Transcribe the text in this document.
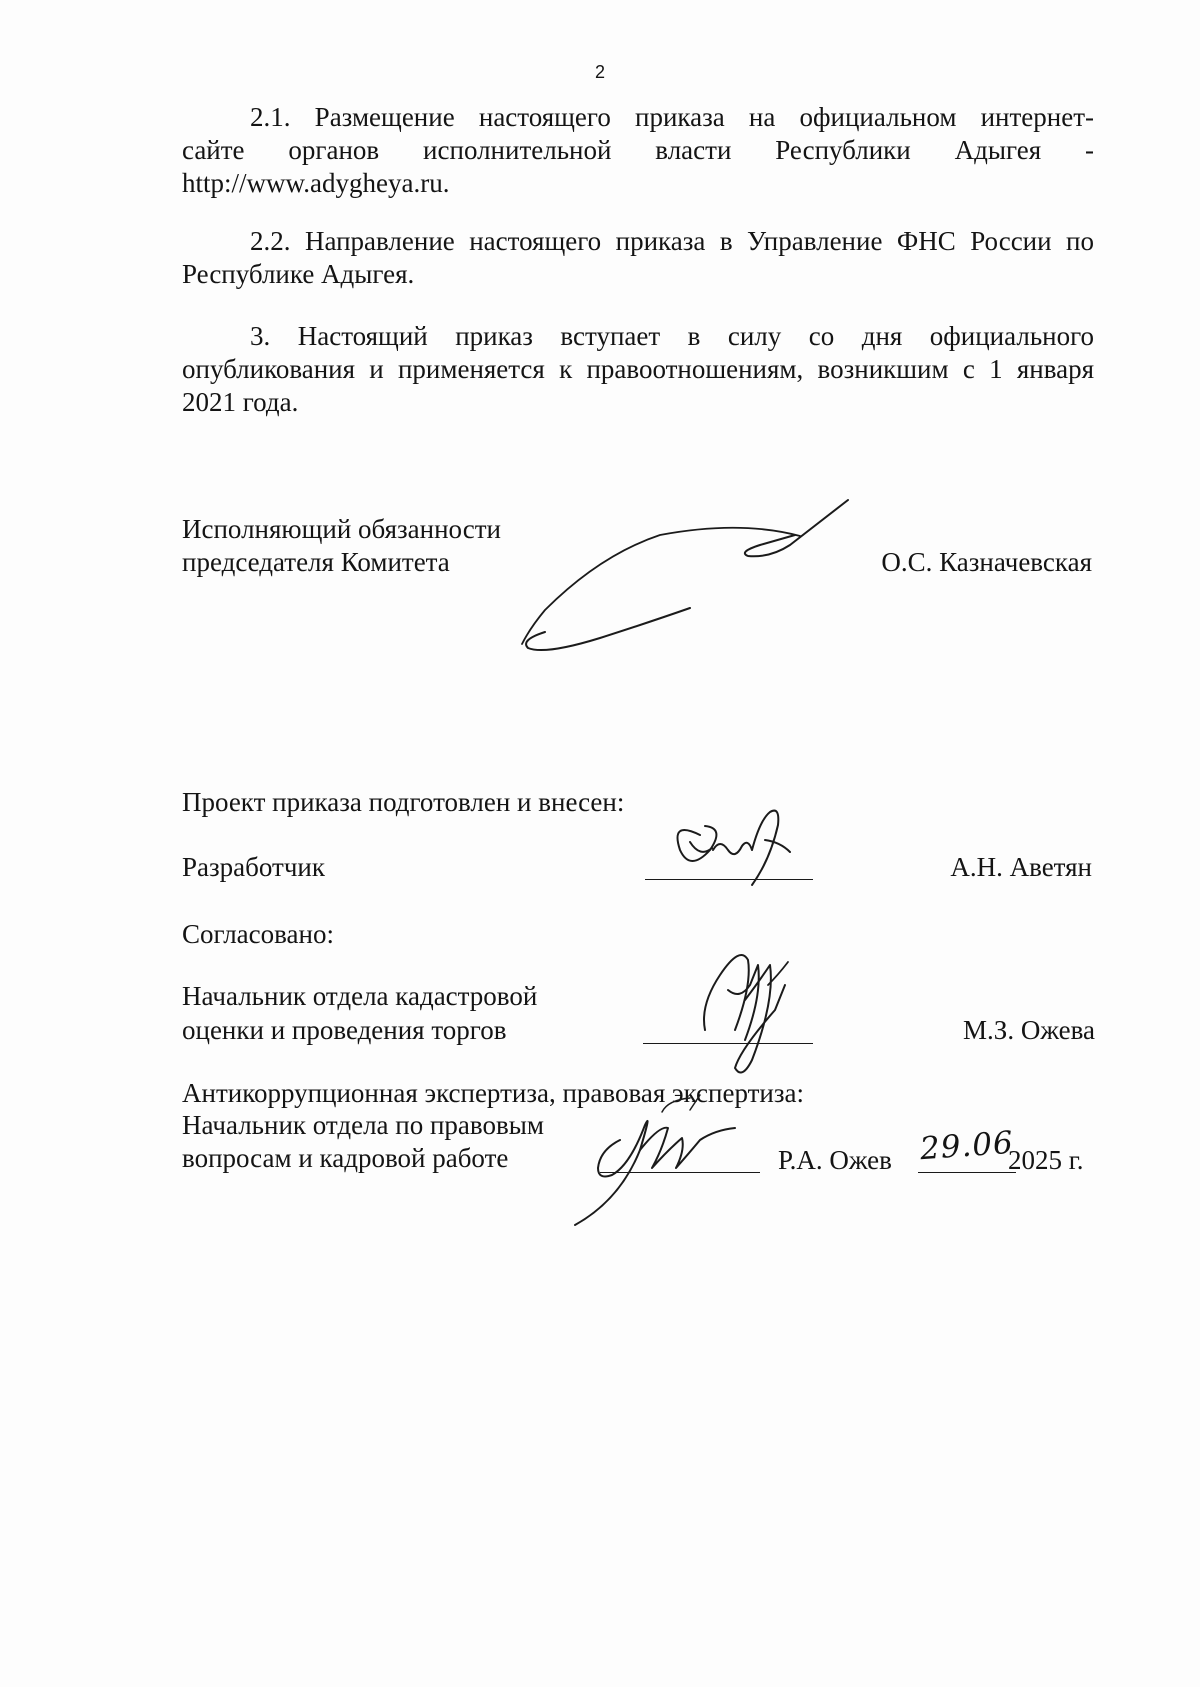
2
2.1. Размещение настоящего приказа на официальном интернет-
сайте органов исполнительной власти Республики Адыгея -
http://www.adygheya.ru.
2.2. Направление настоящего приказа в Управление ФНС России по Республике Адыгея.
3. Настоящий приказ вступает в силу со дня официального опубликования и применяется к правоотношениям, возникшим с 1 января 2021 года.
Исполняющий обязанности
председателя Комитета	О.С. Казначевская
Проект приказа подготовлен и внесен:
Разработчик	А.Н. Аветян
Согласовано:
Начальник отдела кадастровой
оценки и проведения торгов	М.З. Ожева
Антикоррупционная экспертиза, правовая экспертиза:
Начальник отдела по правовым
вопросам и кадровой работе	Р.А. Ожев	2025 г.
29.06
